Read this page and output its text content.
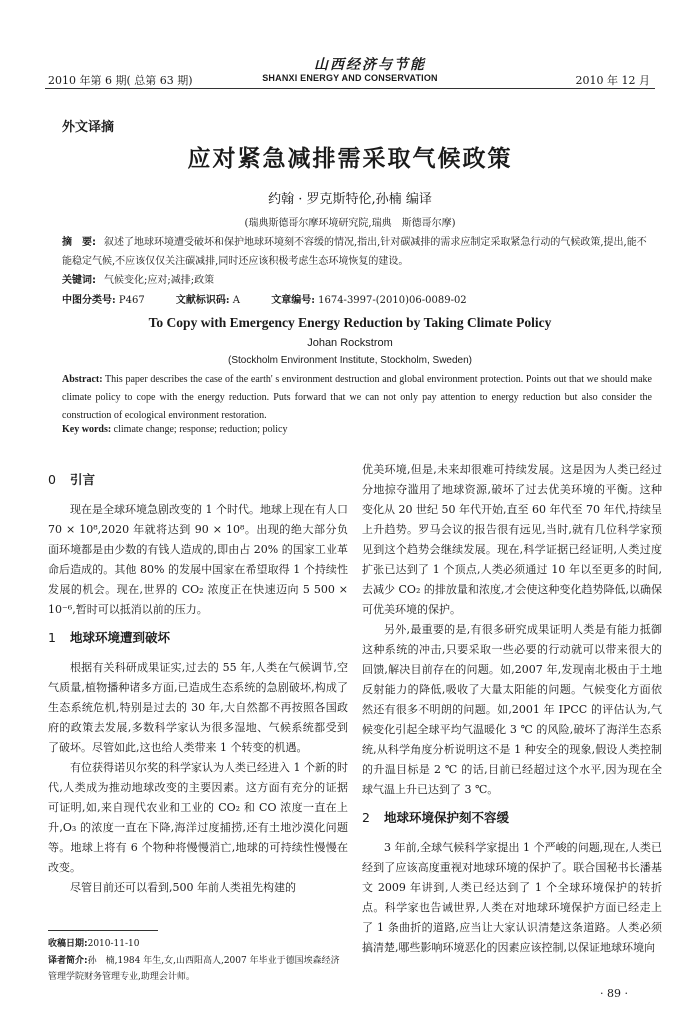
2010 年第 6 期( 总第 63 期)
山西经济与节能
SHANXI ENERGY AND CONSERVATION	2010 年 12 月
外文译摘
应对紧急减排需采取气候政策
约翰 · 罗克斯特伦,孙楠 编译
(瑞典斯德哥尔摩环境研究院,瑞典　斯德哥尔摩)
摘　要: 叙述了地球环境遭受破坏和保护地球环境刻不容缓的情况,指出,针对碳减排的需求应制定采取紧急行动的气候政策,提出,能不能稳定气候,不应该仅仅关注碳减排,同时还应该积极考虑生态环境恢复的建设。
关键词: 气候变化;应对;减排;政策
中图分类号: P467	文献标识码: A	文章编号: 1674-3997-(2010)06-0089-02
To Copy with Emergency Energy Reduction by Taking Climate Policy
Johan Rockstrom
(Stockholm Environment Institute, Stockholm, Sweden)
Abstract: This paper describes the case of the earth' s environment destruction and global environment protection. Points out that we should make climate policy to cope with the energy reduction. Puts forward that we can not only pay attention to energy reduction but also consider the construction of ecological environment restoration.
Key words: climate change; response; reduction; policy
0 引言

现在是全球环境急剧改变的 1 个时代。地球上现在有人口 70 × 10⁸,2020 年就将达到 90 × 10⁸。出现的绝大部分负面环境都是由少数的有钱人造成的,即由占 20% 的国家工业革命后造成的。其他 80% 的发展中国家在希望取得 1 个持续性发展的机会。现在,世界的 CO₂ 浓度正在快速迈向 5 500 × 10⁻⁶,暂时可以抵消以前的压力。

1 地球环境遭到破坏

根据有关科研成果证实,过去的 55 年,人类在气候调节,空气质量,植物播种诸多方面,已造成生态系统的急剧破坏,构成了生态系统危机,特别是过去的 30 年,大自然都不再按照各国政府的政策去发展,多数科学家认为很多湿地、气候系统都受到了破坏。尽管如此,这也给人类带来 1 个转变的机遇。

有位获得诺贝尔奖的科学家认为人类已经进入 1 个新的时代,人类成为推动地球改变的主要因素。这方面有充分的证据可证明,如,来自现代农业和工业的 CO₂ 和 CO 浓度一直在上升,O₃ 的浓度一直在下降,海洋过度捕捞,还有土地沙漠化问题等。地球上将有 6 个物种将慢慢消亡,地球的可持续性慢慢在改变。

尽管目前还可以看到,500 年前人类祖先构建的

优美环境,但是,未来却很难可持续发展。这是因为人类已经过分地掠夺滥用了地球资源,破坏了过去优美环境的平衡。这种变化从 20 世纪 50 年代开始,直至 60 年代至 70 年代,持续呈上升趋势。罗马会议的报告很有远见,当时,就有几位科学家预见到这个趋势会继续发展。现在,科学证据已经证明,人类过度扩张已达到了 1 个顶点,人类必须通过 10 年以至更多的时间,去减少 CO₂ 的排放量和浓度,才会使这种变化趋势降低,以确保可优美环境的保护。

另外,最重要的是,有很多研究成果证明人类是有能力抵御这种系统的冲击,只要采取一些必要的行动就可以带来很大的回馈,解决目前存在的问题。如,2007 年,发现南北极由于土地反射能力的降低,吸收了大量太阳能的问题。气候变化方面依然还有很多不明朗的问题。如,2001 年 IPCC 的评估认为,气候变化引起全球平均气温暖化 3 ℃ 的风险,破坏了海洋生态系统,从科学角度分析说明这不是 1 种安全的现象,假设人类控制的升温目标是 2 ℃ 的话,目前已经超过这个水平,因为现在全球气温上升已达到了 3 ℃。

2 地球环境保护刻不容缓

3 年前,全球气候科学家提出 1 个严峻的问题,现在,人类已经到了应该高度重视对地球环境的保护了。联合国秘书长潘基文 2009 年讲到,人类已经达到了 1 个全球环境保护的转折点。科学家也告诫世界,人类在对地球环境保护方面已经走上了 1 条曲折的道路,应当让大家认识清楚这条道路。人类必须搞清楚,哪些影响环境恶化的因素应该控制,以保证地球环境向

收稿日期:2010-11-10
译者简介:孙　楠,1984 年生,女,山西阳高人,2007 年毕业于德国埃森经济管理学院财务管理专业,助理会计师。
· 89 ·
